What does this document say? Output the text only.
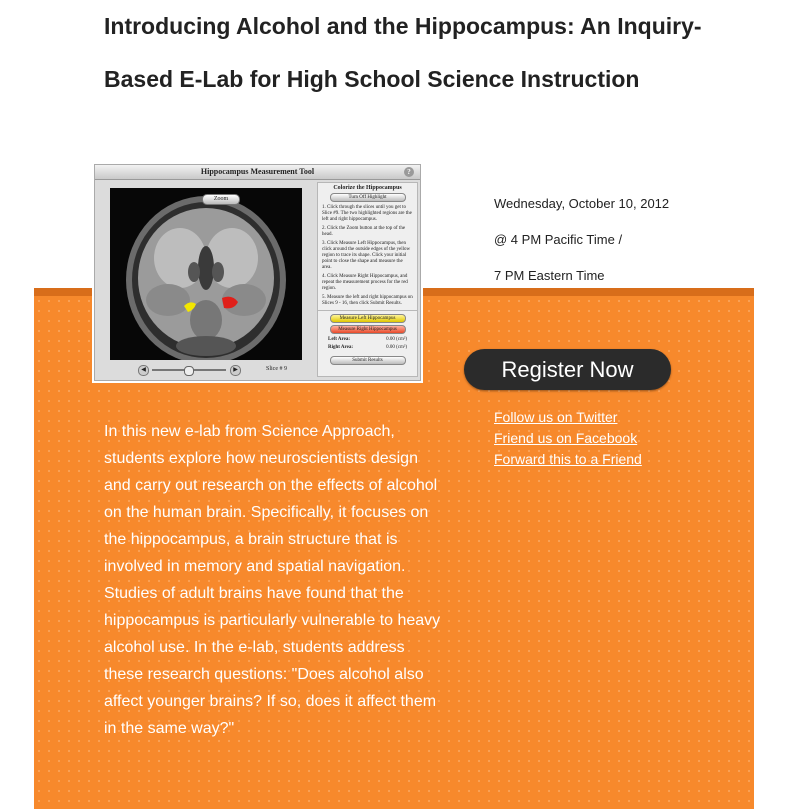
Introducing Alcohol and the Hippocampus: An Inquiry-Based E-Lab for High School Science Instruction
Hippocampus Measurement Tool	?
Zoom
◀	▶	Slice # 9
Colorize the Hippocampus
Turn Off Highlight

1. Click through the slices until you get to Slice #9. The two highlighted regions are the left and right hippocampus.

2. Click the Zoom button at the top of the head.

3. Click Measure Left Hippocampus, then click around the outside edges of the yellow region to trace its shape. Click your initial point to close the shape and measure the area.

4. Click Measure Right Hippocampus, and repeat the measurement process for the red region.

5. Measure the left and right hippocampus on Slices 9 - 16, then click Submit Results.

Measure Left Hippocampus
Measure Right Hippocampus
Left Area:	0.00 (cm²)
Right Area:	0.00 (cm²)
Submit Results
Wednesday, October 10, 2012
@ 4 PM Pacific Time /
7 PM Eastern Time
Register Now
Follow us on Twitter
Friend us on Facebook
Forward this to a Friend

In this new e-lab from Science Approach, students explore how neuroscientists design and carry out research on the effects of alcohol on the human brain. Specifically, it focuses on the hippocampus, a brain structure that is involved in memory and spatial navigation. Studies of adult brains have found that the hippocampus is particularly vulnerable to heavy alcohol use. In the e-lab, students address these research questions: "Does alcohol also affect younger brains? If so, does it affect them in the same way?"
